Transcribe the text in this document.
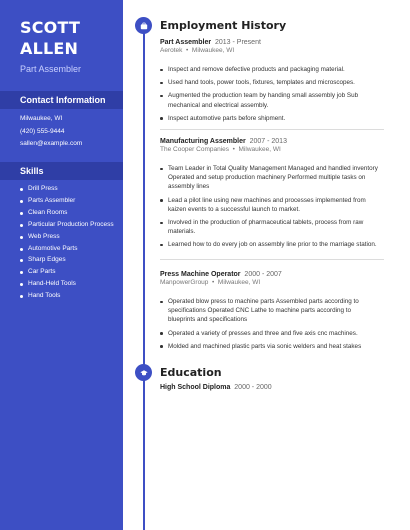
SCOTT
ALLEN
Part Assembler
Contact Information
Milwaukee, WI
(420) 555-9444
sallen@example.com
Skills
Drill Press
Parts Assembler
Clean Rooms
Particular Production Process
Web Press
Automotive Parts
Sharp Edges
Car Parts
Hand-Held Tools
Hand Tools
Employment History
Part Assembler 2013 - Present
Aerotek  •  Milwaukee, WI
Inspect and remove defective products and packaging material.
Used hand tools, power tools, fixtures, templates and microscopes.
Augmented the production team by handing small assembly job Sub mechanical and electrical assembly.
Inspect automotive parts before shipment.
Manufacturing Assembler 2007 - 2013
The Cooper Companies  •  Milwaukee, WI
Team Leader in Total Quality Management Managed and handled inventory Operated and setup production machinery Performed multiple tasks on assembly lines
Lead a pilot line using new machines and processes implemented from kaizen events to a successful launch to market.
Involved in the production of pharmaceutical tablets, process from raw materials.
Learned how to do every job on assembly line prior to the marriage station.
Press Machine Operator 2000 - 2007
ManpowerGroup  •  Milwaukee, WI
Operated blow press to machine parts Assembled parts according to specifications Operated CNC Lathe to machine parts according to blueprints and specifications
Operated a variety of presses and three and five axis cnc machines.
Molded and machined plastic parts via sonic welders and heat stakes
Education
High School Diploma 2000 - 2000
